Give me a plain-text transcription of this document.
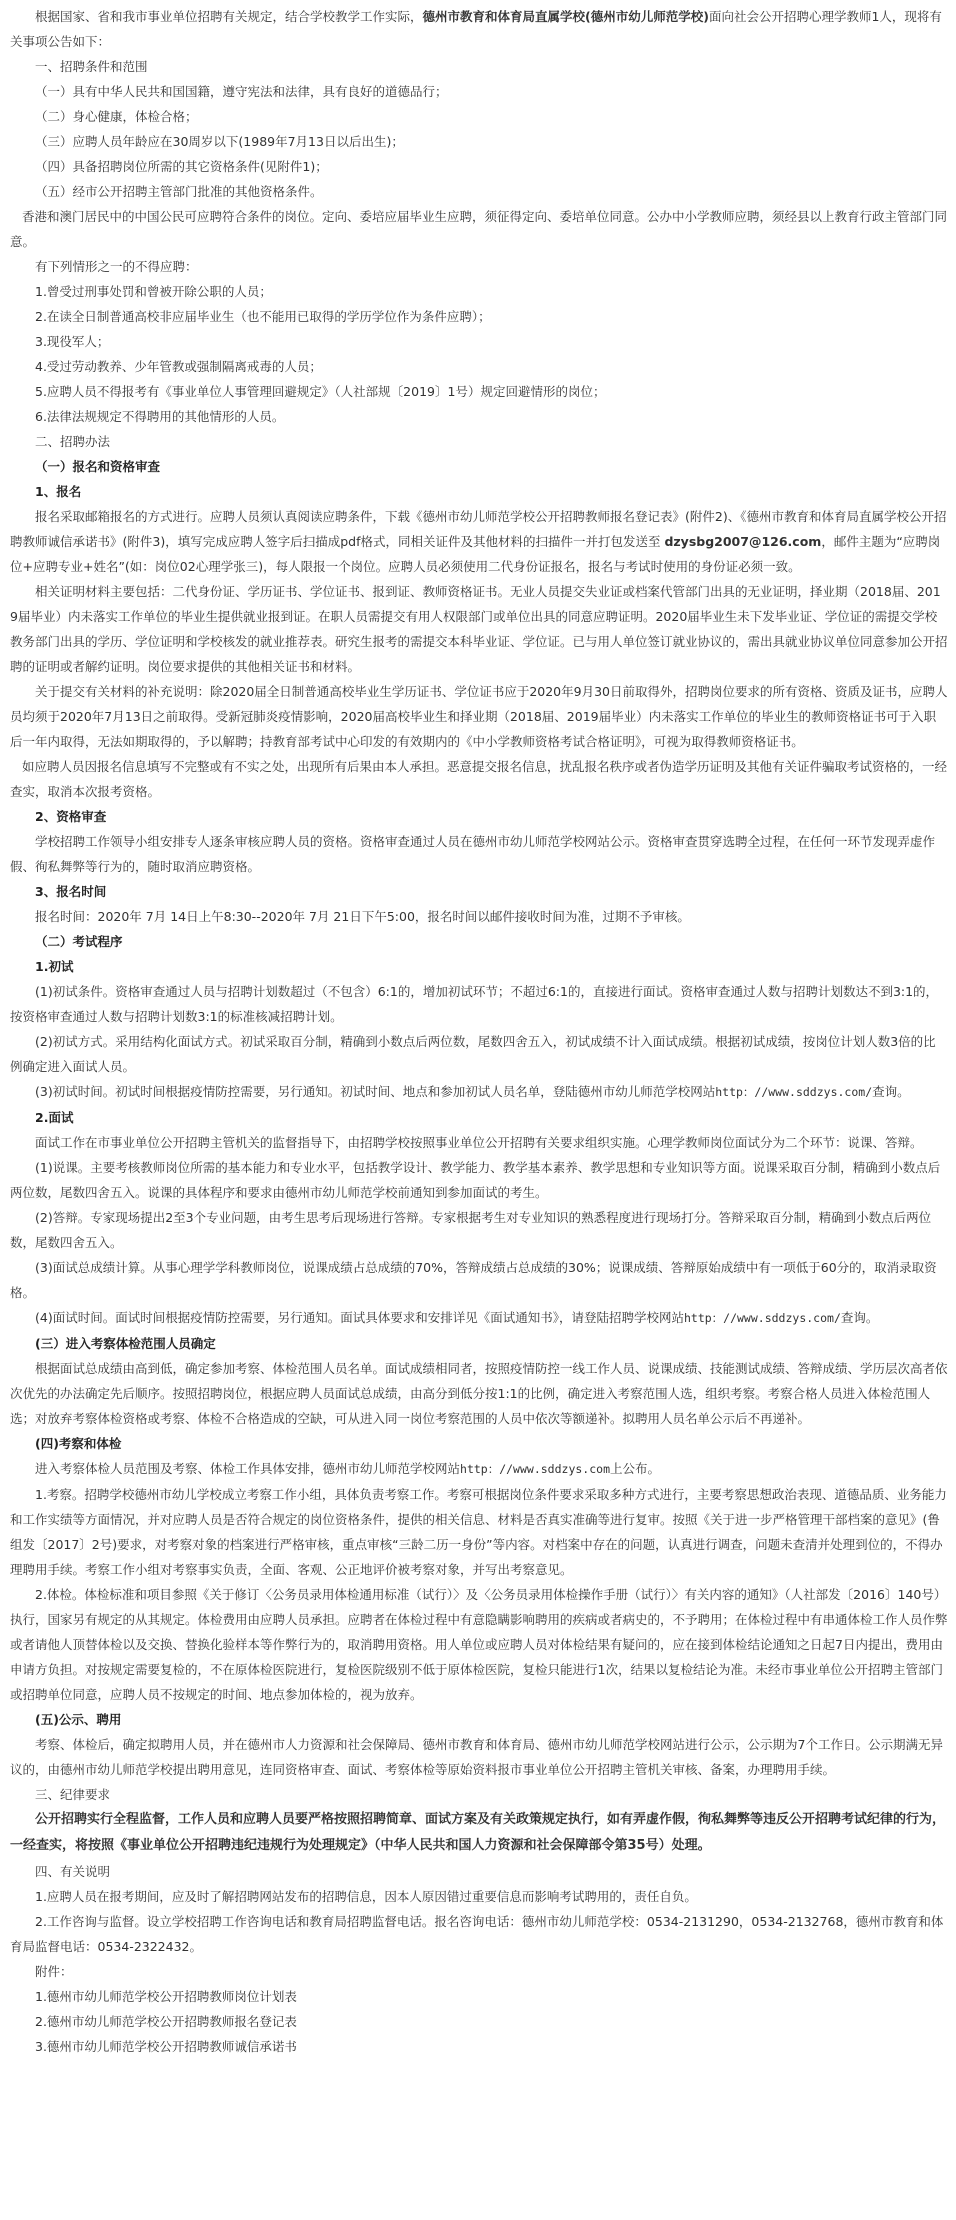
根据国家、省和我市事业单位招聘有关规定，结合学校教学工作实际，德州市教育和体育局直属学校(德州市幼儿师范学校)面向社会公开招聘心理学教师1人，现将有关事项公告如下：

一、招聘条件和范围

（一）具有中华人民共和国国籍，遵守宪法和法律，具有良好的道德品行；

（二）身心健康，体检合格；

（三）应聘人员年龄应在30周岁以下(1989年7月13日以后出生)；

（四）具备招聘岗位所需的其它资格条件(见附件1)；

（五）经市公开招聘主管部门批准的其他资格条件。

香港和澳门居民中的中国公民可应聘符合条件的岗位。定向、委培应届毕业生应聘，须征得定向、委培单位同意。公办中小学教师应聘，须经县以上教育行政主管部门同意。

有下列情形之一的不得应聘：

1.曾受过刑事处罚和曾被开除公职的人员；

2.在读全日制普通高校非应届毕业生（也不能用已取得的学历学位作为条件应聘）；

3.现役军人；

4.受过劳动教养、少年管教或强制隔离戒毒的人员；

5.应聘人员不得报考有《事业单位人事管理回避规定》（人社部规〔2019〕1号）规定回避情形的岗位；

6.法律法规规定不得聘用的其他情形的人员。

二、招聘办法

（一）报名和资格审查

1、报名

报名采取邮箱报名的方式进行。应聘人员须认真阅读应聘条件，下载《德州市幼儿师范学校公开招聘教师报名登记表》(附件2)、《德州市教育和体育局直属学校公开招聘教师诚信承诺书》(附件3)，填写完成应聘人签字后扫描成pdf格式，同相关证件及其他材料的扫描件一并打包发送至 dzysbg2007@126.com，邮件主题为“应聘岗位+应聘专业+姓名”(如：岗位02心理学张三)，每人限报一个岗位。应聘人员必须使用二代身份证报名，报名与考试时使用的身份证必须一致。

相关证明材料主要包括：二代身份证、学历证书、学位证书、报到证、教师资格证书。无业人员提交失业证或档案代管部门出具的无业证明，择业期（2018届、2019届毕业）内未落实工作单位的毕业生提供就业报到证。在职人员需提交有用人权限部门或单位出具的同意应聘证明。2020届毕业生未下发毕业证、学位证的需提交学校教务部门出具的学历、学位证明和学校核发的就业推荐表。研究生报考的需提交本科毕业证、学位证。已与用人单位签订就业协议的，需出具就业协议单位同意参加公开招聘的证明或者解约证明。岗位要求提供的其他相关证书和材料。

关于提交有关材料的补充说明：除2020届全日制普通高校毕业生学历证书、学位证书应于2020年9月30日前取得外，招聘岗位要求的所有资格、资质及证书，应聘人员均须于2020年7月13日之前取得。受新冠肺炎疫情影响，2020届高校毕业生和择业期（2018届、2019届毕业）内未落实工作单位的毕业生的教师资格证书可于入职后一年内取得，无法如期取得的，予以解聘；持教育部考试中心印发的有效期内的《中小学教师资格考试合格证明》，可视为取得教师资格证书。

如应聘人员因报名信息填写不完整或有不实之处，出现所有后果由本人承担。恶意提交报名信息，扰乱报名秩序或者伪造学历证明及其他有关证件骗取考试资格的，一经查实，取消本次报考资格。

2、资格审查

学校招聘工作领导小组安排专人逐条审核应聘人员的资格。资格审查通过人员在德州市幼儿师范学校网站公示。资格审查贯穿选聘全过程，在任何一环节发现弄虚作假、徇私舞弊等行为的，随时取消应聘资格。

3、报名时间

报名时间：2020年 7月 14日上午8:30--2020年 7月 21日下午5:00，报名时间以邮件接收时间为准，过期不予审核。

（二）考试程序

1.初试

(1)初试条件。资格审查通过人员与招聘计划数超过（不包含）6:1的，增加初试环节；不超过6:1的，直接进行面试。资格审查通过人数与招聘计划数达不到3:1的，按资格审查通过人数与招聘计划数3:1的标准核减招聘计划。

(2)初试方式。采用结构化面试方式。初试采取百分制，精确到小数点后两位数，尾数四舍五入，初试成绩不计入面试成绩。根据初试成绩，按岗位计划人数3倍的比例确定进入面试人员。

(3)初试时间。初试时间根据疫情防控需要，另行通知。初试时间、地点和参加初试人员名单，登陆德州市幼儿师范学校网站http：//www.sddzys.com/查询。

2.面试

面试工作在市事业单位公开招聘主管机关的监督指导下，由招聘学校按照事业单位公开招聘有关要求组织实施。心理学教师岗位面试分为二个环节：说课、答辩。

(1)说课。主要考核教师岗位所需的基本能力和专业水平，包括教学设计、教学能力、教学基本素养、教学思想和专业知识等方面。说课采取百分制，精确到小数点后两位数，尾数四舍五入。说课的具体程序和要求由德州市幼儿师范学校前通知到参加面试的考生。

(2)答辩。专家现场提出2至3个专业问题，由考生思考后现场进行答辩。专家根据考生对专业知识的熟悉程度进行现场打分。答辩采取百分制，精确到小数点后两位数，尾数四舍五入。

(3)面试总成绩计算。从事心理学学科教师岗位，说课成绩占总成绩的70%，答辩成绩占总成绩的30%；说课成绩、答辩原始成绩中有一项低于60分的，取消录取资格。

(4)面试时间。面试时间根据疫情防控需要，另行通知。面试具体要求和安排详见《面试通知书》，请登陆招聘学校网站http：//www.sddzys.com/查询。

(三）进入考察体检范围人员确定

根据面试总成绩由高到低，确定参加考察、体检范围人员名单。面试成绩相同者，按照疫情防控一线工作人员、说课成绩、技能测试成绩、答辩成绩、学历层次高者依次优先的办法确定先后顺序。按照招聘岗位，根据应聘人员面试总成绩，由高分到低分按1:1的比例，确定进入考察范围人选，组织考察。考察合格人员进入体检范围人选；对放弃考察体检资格或考察、体检不合格造成的空缺，可从进入同一岗位考察范围的人员中依次等额递补。拟聘用人员名单公示后不再递补。

(四)考察和体检

进入考察体检人员范围及考察、体检工作具体安排，德州市幼儿师范学校网站http：//www.sddzys.com上公布。

1.考察。招聘学校德州市幼儿学校成立考察工作小组，具体负责考察工作。考察可根据岗位条件要求采取多种方式进行，主要考察思想政治表现、道德品质、业务能力和工作实绩等方面情况，并对应聘人员是否符合规定的岗位资格条件，提供的相关信息、材料是否真实准确等进行复审。按照《关于进一步严格管理干部档案的意见》(鲁组发〔2017〕2号)要求，对考察对象的档案进行严格审核，重点审核“三龄二历一身份”等内容。对档案中存在的问题，认真进行调查，问题未查清并处理到位的，不得办理聘用手续。考察工作小组对考察事实负责，全面、客观、公正地评价被考察对象，并写出考察意见。

2.体检。体检标准和项目参照《关于修订〈公务员录用体检通用标准（试行）〉及〈公务员录用体检操作手册（试行）〉有关内容的通知》（人社部发〔2016〕140号）执行，国家另有规定的从其规定。体检费用由应聘人员承担。应聘者在体检过程中有意隐瞒影响聘用的疾病或者病史的，不予聘用；在体检过程中有串通体检工作人员作弊或者请他人顶替体检以及交换、替换化验样本等作弊行为的，取消聘用资格。用人单位或应聘人员对体检结果有疑问的，应在接到体检结论通知之日起7日内提出，费用由申请方负担。对按规定需要复检的，不在原体检医院进行，复检医院级别不低于原体检医院，复检只能进行1次，结果以复检结论为准。未经市事业单位公开招聘主管部门或招聘单位同意，应聘人员不按规定的时间、地点参加体检的，视为放弃。

(五)公示、聘用

考察、体检后，确定拟聘用人员，并在德州市人力资源和社会保障局、德州市教育和体育局、德州市幼儿师范学校网站进行公示，公示期为7个工作日。公示期满无异议的，由德州市幼儿师范学校提出聘用意见，连同资格审查、面试、考察体检等原始资料报市事业单位公开招聘主管机关审核、备案，办理聘用手续。

三、纪律要求

公开招聘实行全程监督，工作人员和应聘人员要严格按照招聘简章、面试方案及有关政策规定执行，如有弄虚作假，徇私舞弊等违反公开招聘考试纪律的行为，一经查实，将按照《事业单位公开招聘违纪违规行为处理规定》（中华人民共和国人力资源和社会保障部令第35号）处理。

四、有关说明

1.应聘人员在报考期间，应及时了解招聘网站发布的招聘信息，因本人原因错过重要信息而影响考试聘用的，责任自负。

2.工作咨询与监督。设立学校招聘工作咨询电话和教育局招聘监督电话。报名咨询电话：德州市幼儿师范学校：0534-2131290，0534-2132768，德州市教育和体育局监督电话：0534-2322432。

附件：

1.德州市幼儿师范学校公开招聘教师岗位计划表

2.德州市幼儿师范学校公开招聘教师报名登记表

3.德州市幼儿师范学校公开招聘教师诚信承诺书
